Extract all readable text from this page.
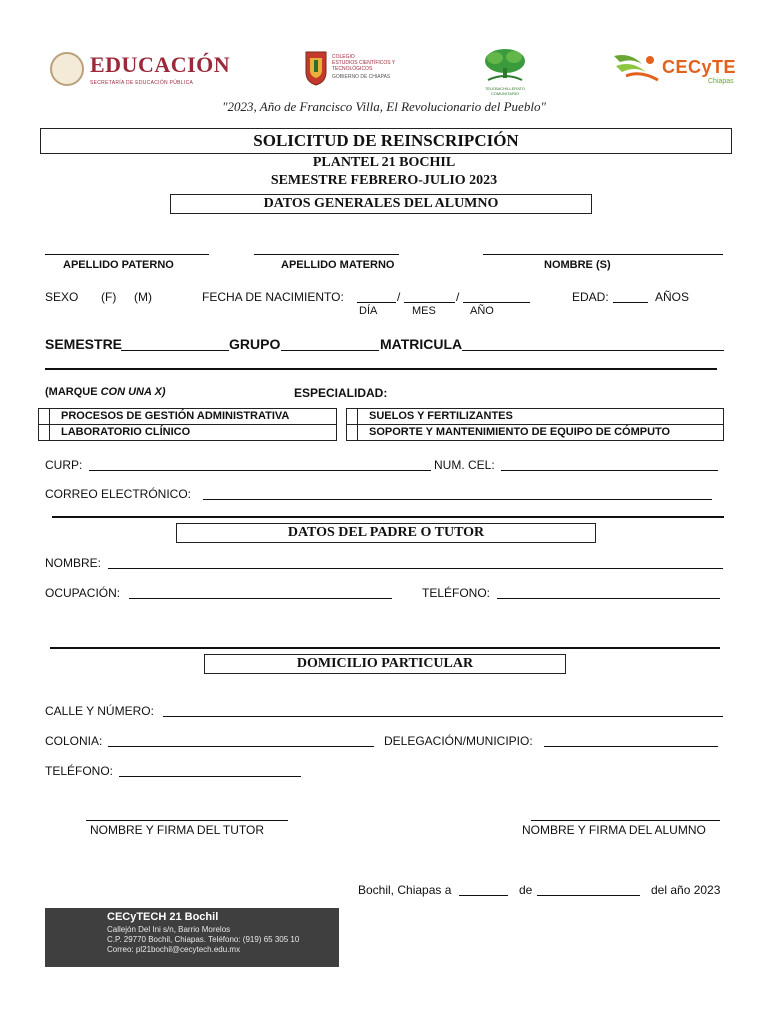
EDUCACIÓN
SECRETARÍA DE EDUCACIÓN PÚBLICA
COLEGIO
ESTUDIOS CIENTÍFICOS Y
TECNOLÓGICOS
GOBIERNO DE CHIAPAS
TELEBACHILLERATO
COMUNITARIO
CECyTE
Chiapas
"2023, Año de Francisco Villa, El Revolucionario del Pueblo"
SOLICITUD DE REINSCRIPCIÓN
PLANTEL 21 BOCHIL
SEMESTRE FEBRERO-JULIO 2023
DATOS GENERALES DEL ALUMNO
APELLIDO PATERNO	APELLIDO MATERNO	NOMBRE (S)
SEXO (F) (M)	FECHA DE NACIMIENTO:	/	/
DÍA	MES	AÑO
EDAD:	AÑOS
SEMESTRE	GRUPO	MATRICULA
(MARQUE CON UNA X)	ESPECIALIDAD:
PROCESOS DE GESTIÓN ADMINISTRATIVA
LABORATORIO CLÍNICO
SUELOS Y FERTILIZANTES
SOPORTE Y MANTENIMIENTO DE EQUIPO DE CÓMPUTO
CURP:	NUM. CEL:
CORREO ELECTRÓNICO:
DATOS DEL PADRE O TUTOR
NOMBRE:
OCUPACIÓN:	TELÉFONO:
DOMICILIO PARTICULAR
CALLE Y NÚMERO:
COLONIA:	DELEGACIÓN/MUNICIPIO:
TELÉFONO:
NOMBRE Y FIRMA DEL TUTOR	NOMBRE Y FIRMA DEL ALUMNO
Bochil, Chiapas a	de	del año 2023
CECyTECH 21 Bochil
Callejón Del Ini s/n, Barrio Morelos
C.P. 29770 Bochil, Chiapas. Teléfono: (919) 65 305 10
Correo: pl21bochil@cecytech.edu.mx
